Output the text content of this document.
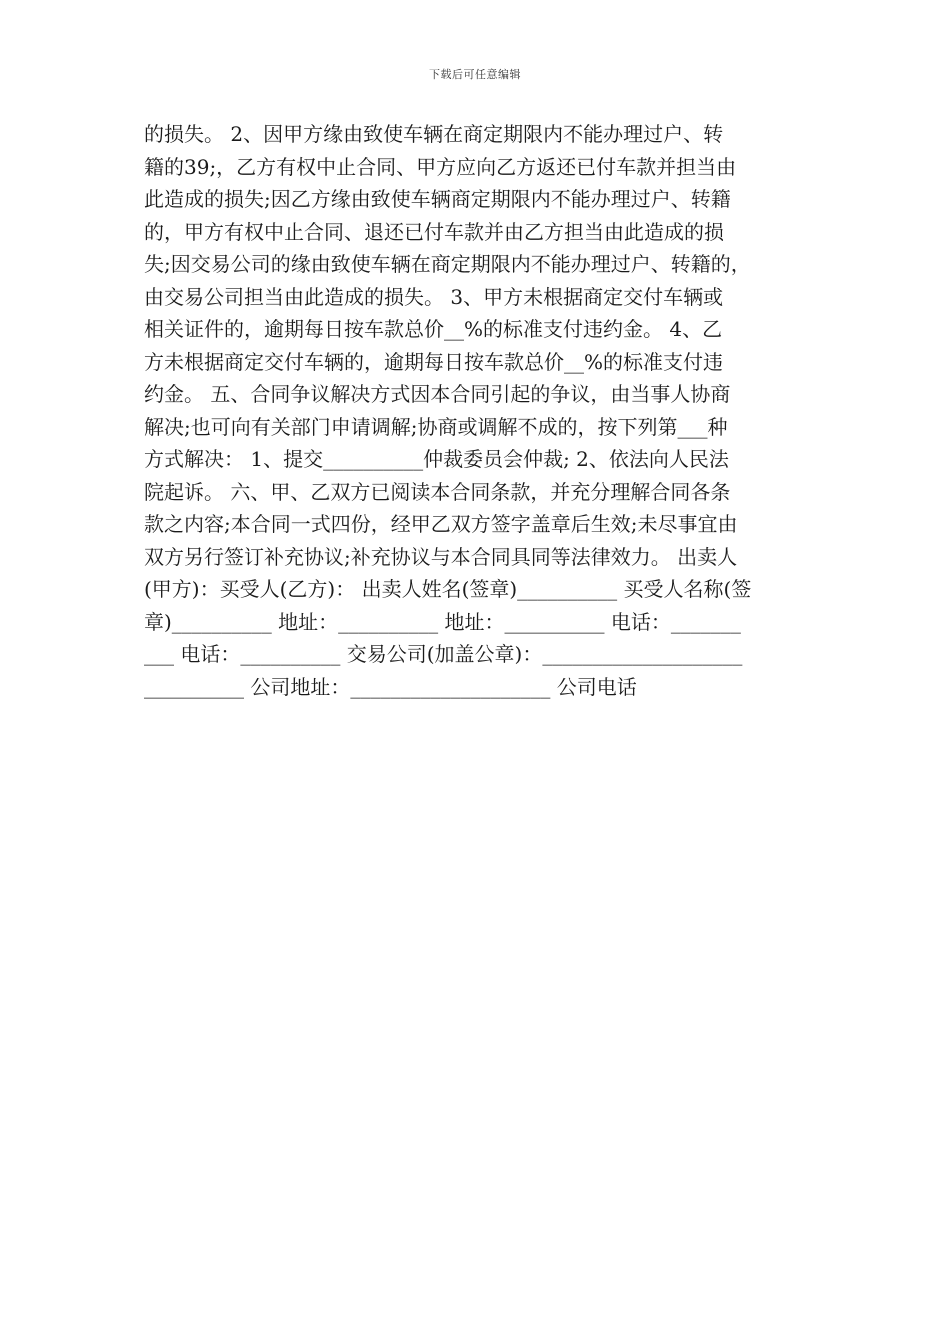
下载后可任意编辑
的损失。 2、因甲方缘由致使车辆在商定期限内不能办理过户、转
籍的39;，乙方有权中止合同、甲方应向乙方返还已付车款并担当由
此造成的损失;因乙方缘由致使车辆商定期限内不能办理过户、转籍
的，甲方有权中止合同、退还已付车款并由乙方担当由此造成的损
失;因交易公司的缘由致使车辆在商定期限内不能办理过户、转籍的，
由交易公司担当由此造成的损失。 3、甲方未根据商定交付车辆或
相关证件的，逾期每日按车款总价__%的标准支付违约金。 4、乙
方未根据商定交付车辆的，逾期每日按车款总价__%的标准支付违
约金。 五、合同争议解决方式因本合同引起的争议，由当事人协商
解决;也可向有关部门申请调解;协商或调解不成的，按下列第___种
方式解决： 1、提交__________仲裁委员会仲裁; 2、依法向人民法
院起诉。 六、甲、乙双方已阅读本合同条款，并充分理解合同各条
款之内容;本合同一式四份，经甲乙双方签字盖章后生效;未尽事宜由
双方另行签订补充协议;补充协议与本合同具同等法律效力。 出卖人
(甲方)：买受人(乙方)： 出卖人姓名(签章)__________ 买受人名称(签
章)__________ 地址：__________ 地址：__________ 电话：_______
___ 电话：__________ 交易公司(加盖公章)：____________________
__________ 公司地址：____________________ 公司电话
